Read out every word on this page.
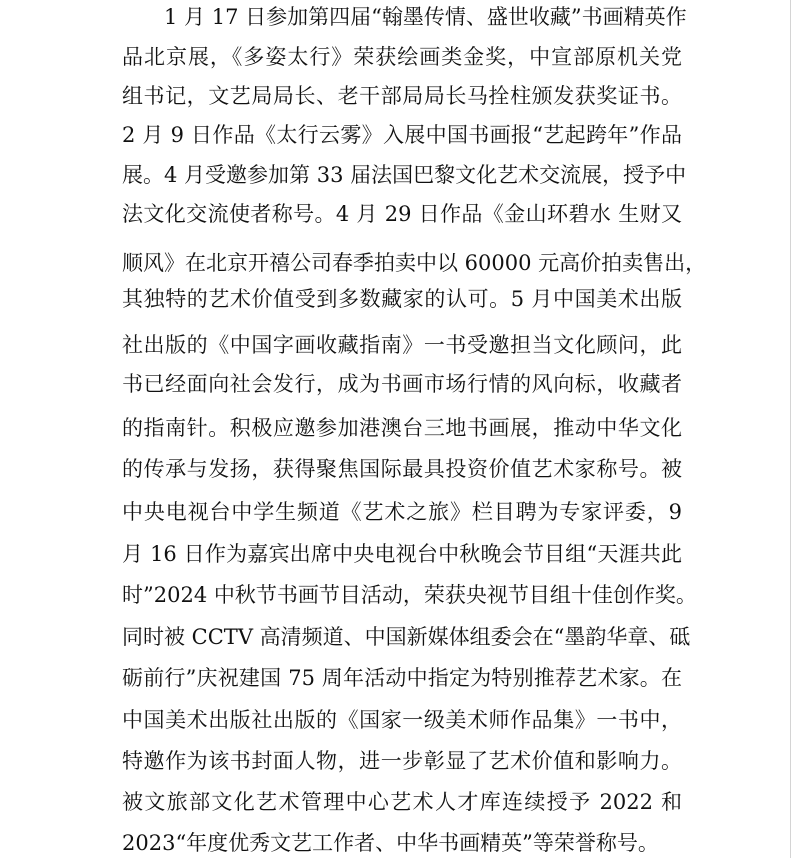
1 月 17 日参加第四届“翰墨传情、盛世收藏”书画精英作
品北京展，《多姿太行》荣获绘画类金奖，中宣部原机关党
组书记，文艺局局长、老干部局局长马拴柱颁发获奖证书。
2 月 9 日作品《太行云雾》入展中国书画报“艺起跨年”作品
展。4 月受邀参加第 33 届法国巴黎文化艺术交流展，授予中
法文化交流使者称号。4 月 29 日作品《金山环碧水 生财又
顺风》在北京开禧公司春季拍卖中以 60000 元高价拍卖售出，
其独特的艺术价值受到多数藏家的认可。5 月中国美术出版
社出版的《中国字画收藏指南》一书受邀担当文化顾问，此
书已经面向社会发行，成为书画市场行情的风向标，收藏者
的指南针。积极应邀参加港澳台三地书画展，推动中华文化
的传承与发扬，获得聚焦国际最具投资价值艺术家称号。被
中央电视台中学生频道《艺术之旅》栏目聘为专家评委，9
月 16 日作为嘉宾出席中央电视台中秋晚会节目组“天涯共此
时”2024 中秋节书画节目活动，荣获央视节目组十佳创作奖。
同时被 CCTV 高清频道、中国新媒体组委会在“墨韵华章、砥
砺前行”庆祝建国 75 周年活动中指定为特别推荐艺术家。在
中国美术出版社出版的《国家一级美术师作品集》一书中，
特邀作为该书封面人物，进一步彰显了艺术价值和影响力。
被文旅部文化艺术管理中心艺术人才库连续授予 2022 和
2023“年度优秀文艺工作者、中华书画精英”等荣誉称号。
